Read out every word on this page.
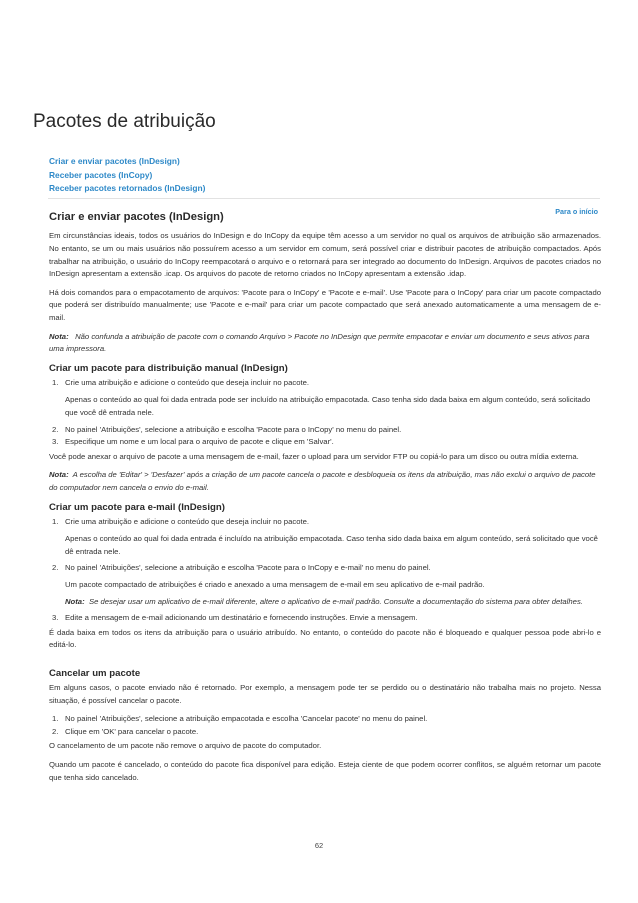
Pacotes de atribuição
Criar e enviar pacotes (InDesign)
Receber pacotes (InCopy)
Receber pacotes retornados (InDesign)
Para o início
Criar e enviar pacotes (InDesign)

Em circunstâncias ideais, todos os usuários do InDesign e do InCopy da equipe têm acesso a um servidor no qual os arquivos de atribuição são armazenados. No entanto, se um ou mais usuários não possuírem acesso a um servidor em comum, será possível criar e distribuir pacotes de atribuição compactados. Após trabalhar na atribuição, o usuário do InCopy reempacotará o arquivo e o retornará para ser integrado ao documento do InDesign. Arquivos de pacotes criados no InDesign apresentam a extensão .icap. Os arquivos do pacote de retorno criados no InCopy apresentam a extensão .idap.

Há dois comandos para o empacotamento de arquivos: 'Pacote para o InCopy' e 'Pacote e e-mail'. Use 'Pacote para o InCopy' para criar um pacote compactado que poderá ser distribuído manualmente; use 'Pacote e e-mail' para criar um pacote compactado que será anexado automaticamente a uma mensagem de e-mail.

Nota: Não confunda a atribuição de pacote com o comando Arquivo > Pacote no InDesign que permite empacotar e enviar um documento e seus ativos para uma impressora.

Criar um pacote para distribuição manual (InDesign)
1. Crie uma atribuição e adicione o conteúdo que deseja incluir no pacote.
Apenas o conteúdo ao qual foi dada entrada pode ser incluído na atribuição empacotada. Caso tenha sido dada baixa em algum conteúdo, será solicitado que você dê entrada nele.
2. No painel 'Atribuições', selecione a atribuição e escolha 'Pacote para o InCopy' no menu do painel.
3. Especifique um nome e um local para o arquivo de pacote e clique em 'Salvar'.

Você pode anexar o arquivo de pacote a uma mensagem de e-mail, fazer o upload para um servidor FTP ou copiá-lo para um disco ou outra mídia externa.

Nota: A escolha de 'Editar' > 'Desfazer' após a criação de um pacote cancela o pacote e desbloqueia os itens da atribuição, mas não exclui o arquivo de pacote do computador nem cancela o envio do e-mail.

Criar um pacote para e-mail (InDesign)
1. Crie uma atribuição e adicione o conteúdo que deseja incluir no pacote.
Apenas o conteúdo ao qual foi dada entrada é incluído na atribuição empacotada. Caso tenha sido dada baixa em algum conteúdo, será solicitado que você dê entrada nele.
2. No painel 'Atribuições', selecione a atribuição e escolha 'Pacote para o InCopy e e-mail' no menu do painel.
Um pacote compactado de atribuições é criado e anexado a uma mensagem de e-mail em seu aplicativo de e-mail padrão.
Nota: Se desejar usar um aplicativo de e-mail diferente, altere o aplicativo de e-mail padrão. Consulte a documentação do sistema para obter detalhes.
3. Edite a mensagem de e-mail adicionando um destinatário e fornecendo instruções. Envie a mensagem.

É dada baixa em todos os itens da atribuição para o usuário atribuído. No entanto, o conteúdo do pacote não é bloqueado e qualquer pessoa pode abri-lo e editá-lo.

Cancelar um pacote

Em alguns casos, o pacote enviado não é retornado. Por exemplo, a mensagem pode ter se perdido ou o destinatário não trabalha mais no projeto. Nessa situação, é possível cancelar o pacote.

1. No painel 'Atribuições', selecione a atribuição empacotada e escolha 'Cancelar pacote' no menu do painel.
2. Clique em 'OK' para cancelar o pacote.

O cancelamento de um pacote não remove o arquivo de pacote do computador.

Quando um pacote é cancelado, o conteúdo do pacote fica disponível para edição. Esteja ciente de que podem ocorrer conflitos, se alguém retornar um pacote que tenha sido cancelado.

62
